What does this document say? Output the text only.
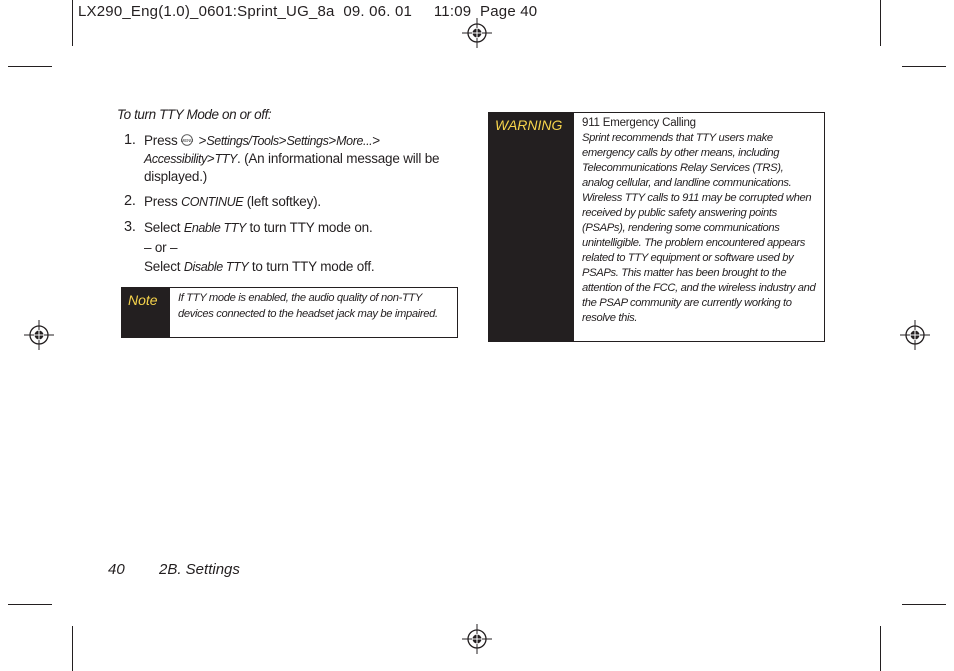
LX290_Eng(1.0)_0601:Sprint_UG_8a  09. 06. 01     11:09  Page 40
To turn TTY Mode on or off:
1. Press MENU >Settings/Tools>Settings>More...> Accessibility>TTY. (An informational message will be displayed.)
2. Press CONTINUE (left softkey).
3. Select Enable TTY to turn TTY mode on.
– or –
Select Disable TTY to turn TTY mode off.
Note	If TTY mode is enabled, the audio quality of non-TTY devices connected to the headset jack may be impaired.
WARNING	911 Emergency Calling
Sprint recommends that TTY users make emergency calls by other means, including Telecommunications Relay Services (TRS), analog cellular, and landline communications. Wireless TTY calls to 911 may be corrupted when received by public safety answering points (PSAPs), rendering some communications unintelligible. The problem encountered appears related to TTY equipment or software used by PSAPs. This matter has been brought to the attention of the FCC, and the wireless industry and the PSAP community are currently working to resolve this.
40 2B. Settings
